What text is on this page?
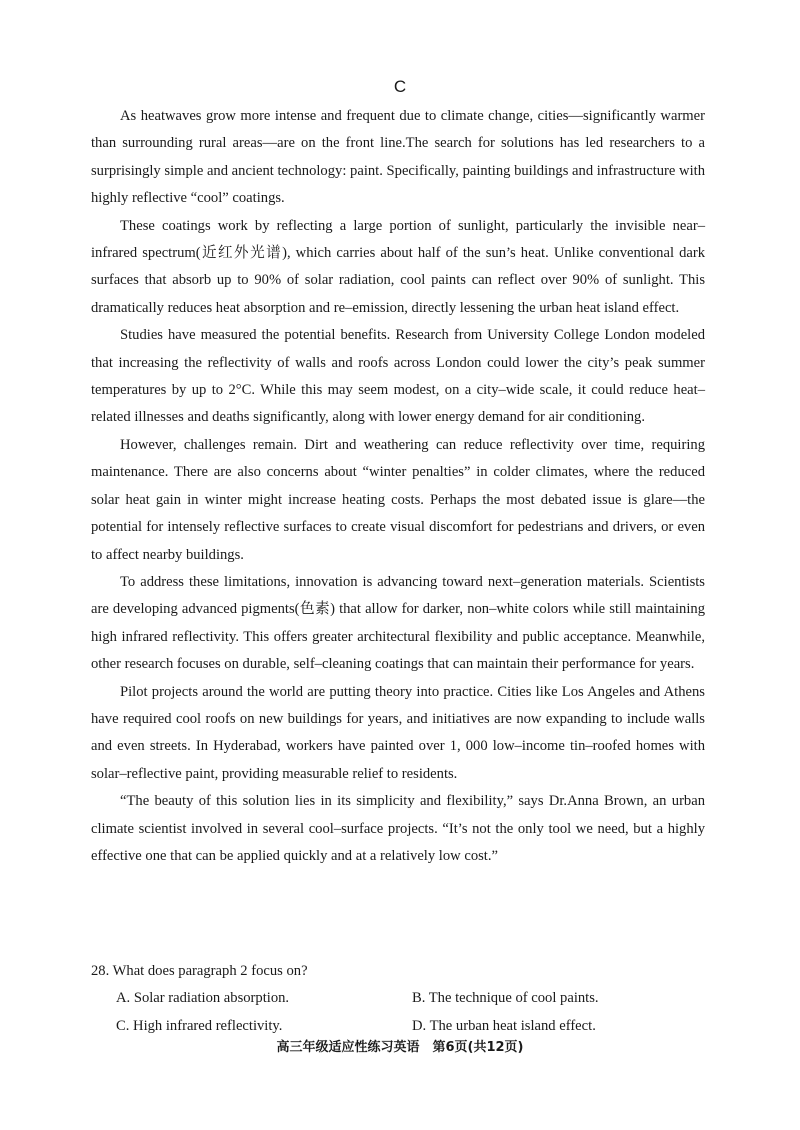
C

As heatwaves grow more intense and frequent due to climate change, cities—significantly warmer than surrounding rural areas—are on the front line.The search for solutions has led researchers to a surprisingly simple and ancient technology: paint. Specifically, painting buildings and infrastructure with highly reflective “cool” coatings.

These coatings work by reflecting a large portion of sunlight, particularly the invisible near–infrared spectrum(近红外光谱), which carries about half of the sun’s heat. Unlike conventional dark surfaces that absorb up to 90% of solar radiation, cool paints can reflect over 90% of sunlight. This dramatically reduces heat absorption and re–emission, directly lessening the urban heat island effect.

Studies have measured the potential benefits. Research from University College London modeled that increasing the reflectivity of walls and roofs across London could lower the city’s peak summer temperatures by up to 2°C. While this may seem modest, on a city–wide scale, it could reduce heat–related illnesses and deaths significantly, along with lower energy demand for air conditioning.

However, challenges remain. Dirt and weathering can reduce reflectivity over time, requiring maintenance. There are also concerns about “winter penalties” in colder climates, where the reduced solar heat gain in winter might increase heating costs. Perhaps the most debated issue is glare—the potential for intensely reflective surfaces to create visual discomfort for pedestrians and drivers, or even to affect nearby buildings.

To address these limitations, innovation is advancing toward next–generation materials. Scientists are developing advanced pigments(色素) that allow for darker, non–white colors while still maintaining high infrared reflectivity. This offers greater architectural flexibility and public acceptance. Meanwhile, other research focuses on durable, self–cleaning coatings that can maintain their performance for years.

Pilot projects around the world are putting theory into practice. Cities like Los Angeles and Athens have required cool roofs on new buildings for years, and initiatives are now expanding to include walls and even streets. In Hyderabad, workers have painted over 1, 000 low–income tin–roofed homes with solar–reflective paint, providing measurable relief to residents.

“The beauty of this solution lies in its simplicity and flexibility,” says Dr.Anna Brown, an urban climate scientist involved in several cool–surface projects. “It’s not the only tool we need, but a highly effective one that can be applied quickly and at a relatively low cost.”

28. What does paragraph 2 focus on?

A. Solar radiation absorption.	B. The technique of cool paints.
C. High infrared reflectivity.	D. The urban heat island effect.
高三年级适应性练习英语　第6页(共12页)
